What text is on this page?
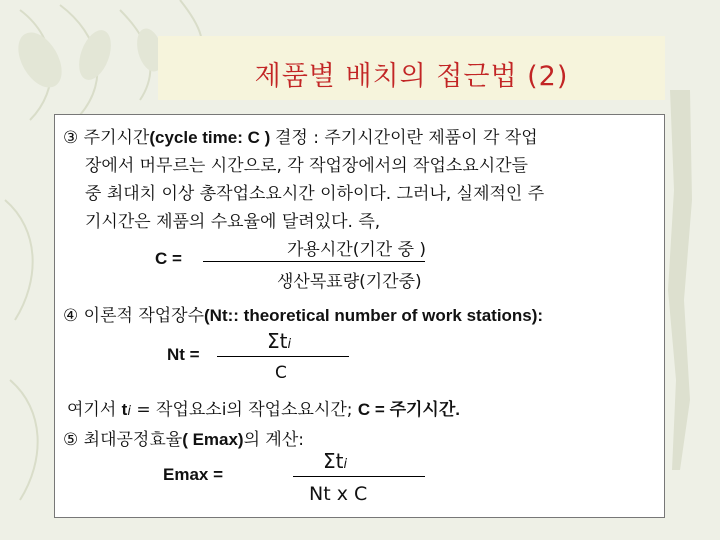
제품별 배치의 접근법 (2)
③ 주기시간(cycle time: C ) 결정 : 주기시간이란 제품이 각 작업
장에서 머무르는 시간으로, 각 작업장에서의 작업소요시간들
중 최대치 이상 총작업소요시간 이하이다. 그러나, 실제적인 주
기시간은 제품의 수요율에 달려있다. 즉,
C =	가용시간(기간 중 )
생산목표량(기간중)
④ 이론적 작업장수(Nt:: theoretical number of work stations):
Nt =
Σti
C
여기서 ti = 작업요소i의 작업소요시간; C = 주기시간.
⑤ 최대공정효율( Emax)의 계산:
Emax =
Σti
Nt x C
